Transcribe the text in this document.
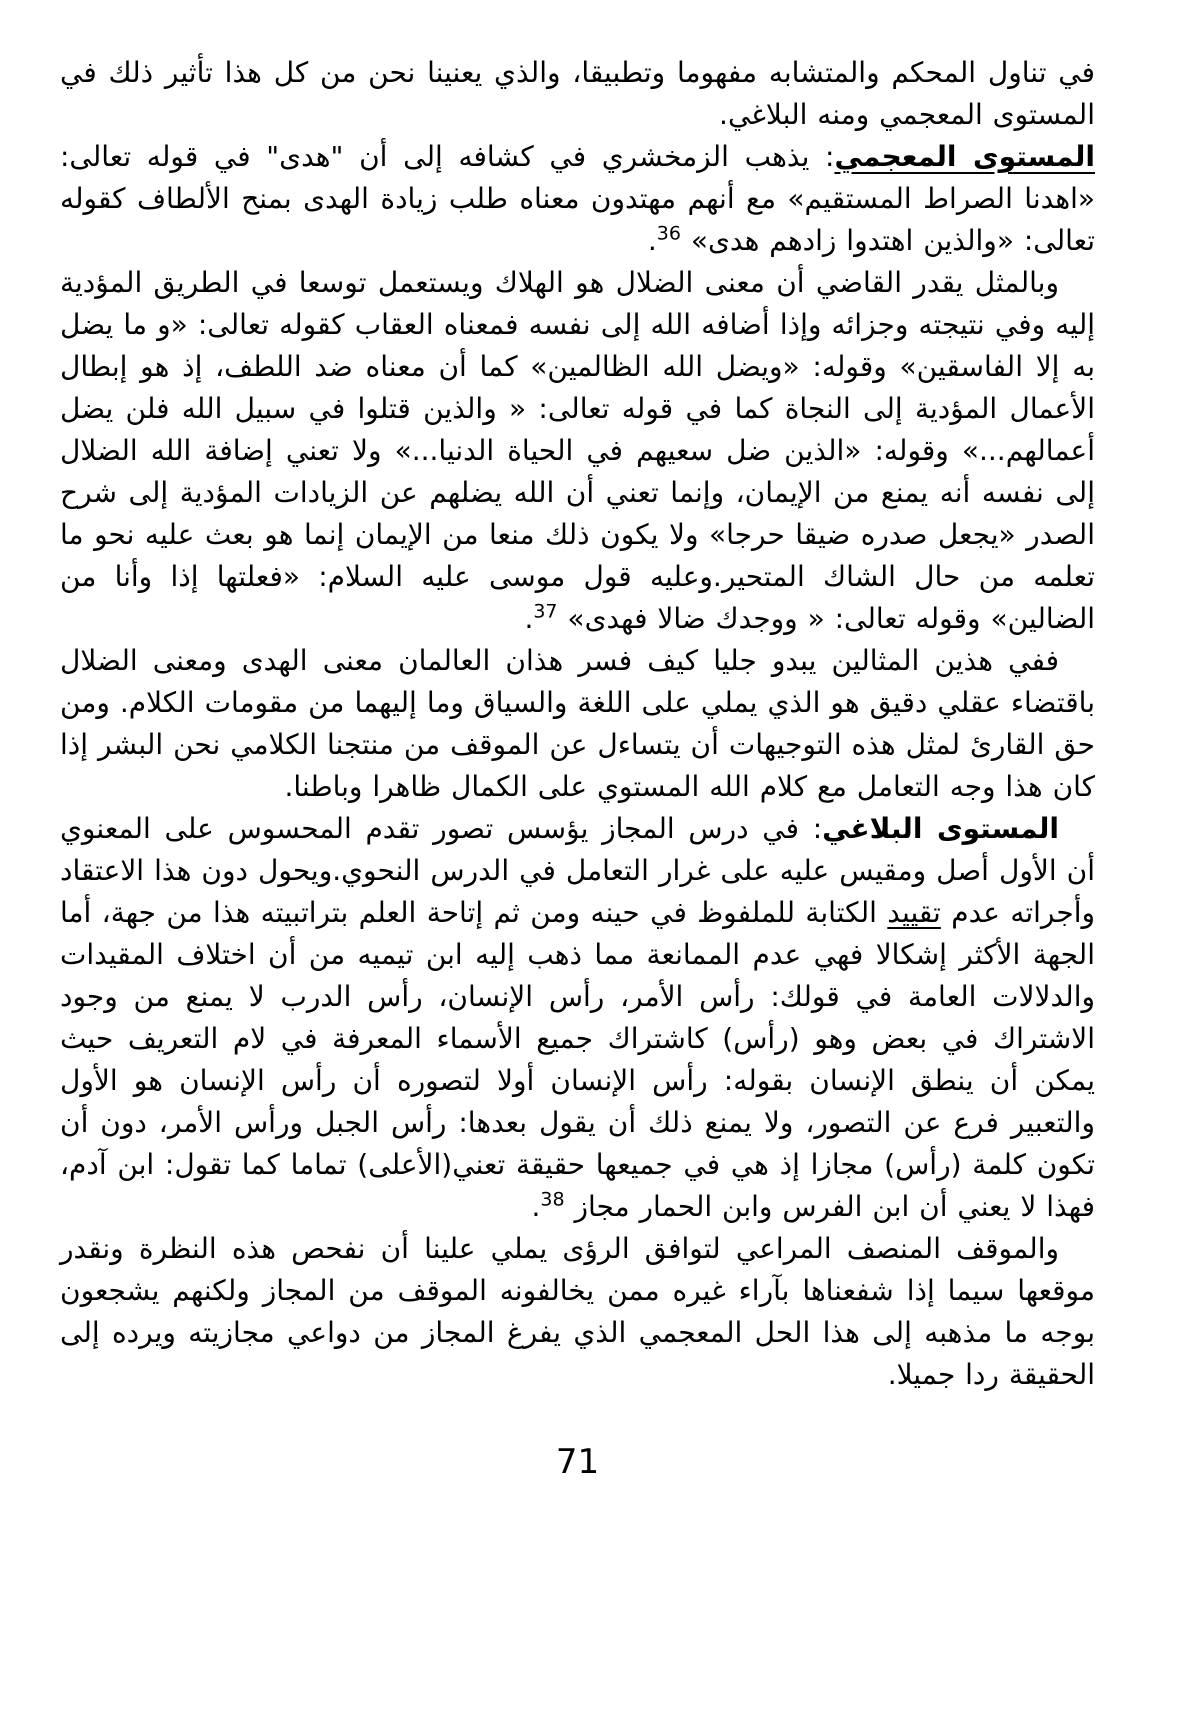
في تناول المحكم والمتشابه مفهوما وتطبيقا، والذي يعنينا نحن من كل هذا تأثير ذلك في المستوى المعجمي ومنه البلاغي.

المستوى المعجمي: يذهب الزمخشري في كشافه إلى أن "هدى" في قوله تعالى: «اهدنا الصراط المستقيم» مع أنهم مهتدون معناه طلب زيادة الهدى بمنح الألطاف كقوله تعالى: «والذين اهتدوا زادهم هدى» $^{36}$.

وبالمثل يقدر القاضي أن معنى الضلال هو الهلاك ويستعمل توسعا في الطريق المؤدية إليه وفي نتيجته وجزائه وإذا أضافه الله إلى نفسه فمعناه العقاب كقوله تعالى: «و ما يضل به إلا الفاسقين» وقوله: «ويضل الله الظالمين» كما أن معناه ضد اللطف، إذ هو إبطال الأعمال المؤدية إلى النجاة كما في قوله تعالى: « والذين قتلوا في سبيل الله فلن يضل أعمالهم...» وقوله: «الذين ضل سعيهم في الحياة الدنيا...» ولا تعني إضافة الله الضلال إلى نفسه أنه يمنع من الإيمان، وإنما تعني أن الله يضلهم عن الزيادات المؤدية إلى شرح الصدر «يجعل صدره ضيقا حرجا» ولا يكون ذلك منعا من الإيمان إنما هو بعث عليه نحو ما تعلمه من حال الشاك المتحير.وعليه قول موسى عليه السلام: «فعلتها إذا وأنا من الضالين» وقوله تعالى: « ووجدك ضالا فهدى» $^{37}$.

ففي هذين المثالين يبدو جليا كيف فسر هذان العالمان معنى الهدى ومعنى الضلال باقتضاء عقلي دقيق هو الذي يملي على اللغة والسياق وما إليهما من مقومات الكلام. ومن حق القارئ لمثل هذه التوجيهات أن يتساءل عن الموقف من منتجنا الكلامي نحن البشر إذا كان هذا وجه التعامل مع كلام الله المستوي على الكمال ظاهرا وباطنا.

المستوى البلاغي: في درس المجاز يؤسس تصور تقدم المحسوس على المعنوي أن الأول أصل ومقيس عليه على غرار التعامل في الدرس النحوي.ويحول دون هذا الاعتقاد وأجراته عدم تقييد الكتابة للملفوظ في حينه ومن ثم إتاحة العلم بتراتبيته هذا من جهة، أما الجهة الأكثر إشكالا فهي عدم الممانعة مما ذهب إليه ابن تيميه من أن اختلاف المقيدات والدلالات العامة في قولك: رأس الأمر، رأس الإنسان، رأس الدرب لا يمنع من وجود الاشتراك في بعض وهو (رأس) كاشتراك جميع الأسماء المعرفة في لام التعريف حيث يمكن أن ينطق الإنسان بقوله: رأس الإنسان أولا لتصوره أن رأس الإنسان هو الأول والتعبير فرع عن التصور، ولا يمنع ذلك أن يقول بعدها: رأس الجبل ورأس الأمر، دون أن تكون كلمة (رأس) مجازا إذ هي في جميعها حقيقة تعني(الأعلى) تماما كما تقول: ابن آدم، فهذا لا يعني أن ابن الفرس وابن الحمار مجاز $^{38}$.

والموقف المنصف المراعي لتوافق الرؤى يملي علينا أن نفحص هذه النظرة ونقدر موقعها سيما إذا شفعناها بآراء غيره ممن يخالفونه الموقف من المجاز ولكنهم يشجعون بوجه ما مذهبه إلى هذا الحل المعجمي الذي يفرغ المجاز من دواعي مجازيته ويرده إلى الحقيقة ردا جميلا.

71
